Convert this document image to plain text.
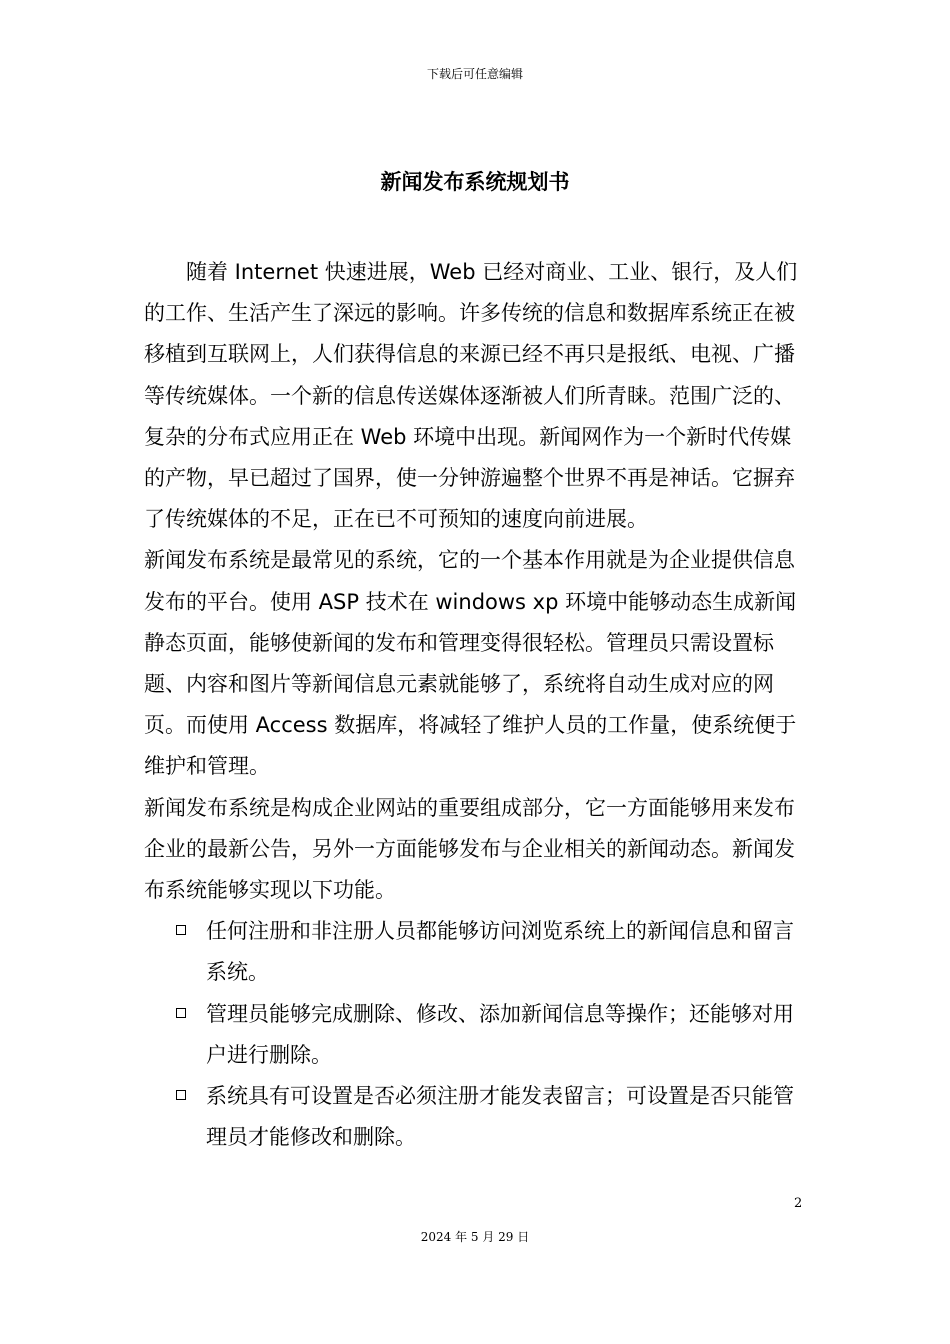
下载后可任意编辑
新闻发布系统规划书

随着 Internet 快速进展，Web 已经对商业、工业、银行，及人们的工作、生活产生了深远的影响。许多传统的信息和数据库系统正在被移植到互联网上，人们获得信息的来源已经不再只是报纸、电视、广播等传统媒体。一个新的信息传送媒体逐渐被人们所青睐。范围广泛的、复杂的分布式应用正在 Web 环境中出现。新闻网作为一个新时代传媒的产物，早已超过了国界，使一分钟游遍整个世界不再是神话。它摒弃了传统媒体的不足，正在已不可预知的速度向前进展。

新闻发布系统是最常见的系统，它的一个基本作用就是为企业提供信息发布的平台。使用 ASP 技术在 windows xp 环境中能够动态生成新闻静态页面，能够使新闻的发布和管理变得很轻松。管理员只需设置标题、内容和图片等新闻信息元素就能够了，系统将自动生成对应的网页。而使用 Access 数据库，将减轻了维护人员的工作量，使系统便于维护和管理。

新闻发布系统是构成企业网站的重要组成部分，它一方面能够用来发布企业的最新公告，另外一方面能够发布与企业相关的新闻动态。新闻发布系统能够实现以下功能。

任何注册和非注册人员都能够访问浏览系统上的新闻信息和留言系统。
管理员能够完成删除、修改、添加新闻信息等操作；还能够对用户进行删除。
系统具有可设置是否必须注册才能发表留言；可设置是否只能管理员才能修改和删除。
2
2024 年 5 月 29 日
